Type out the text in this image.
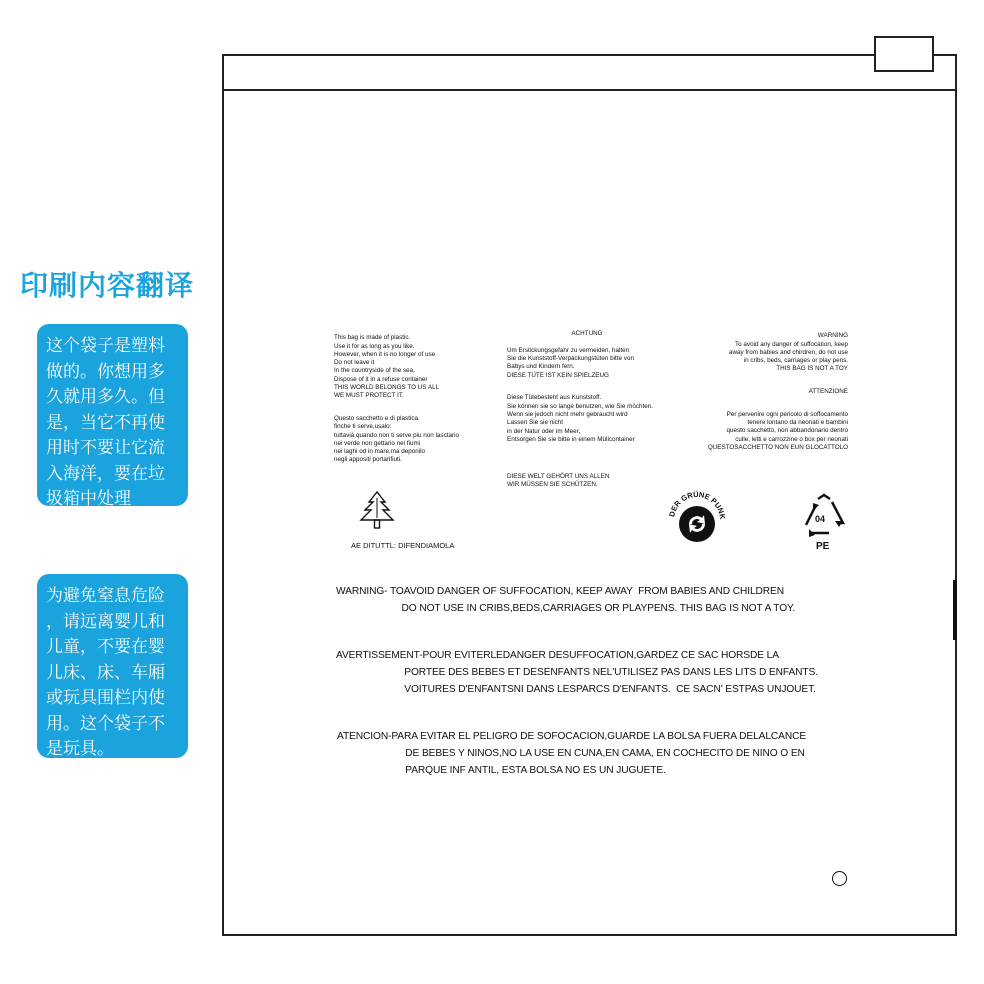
印刷内容翻译
这个袋子是塑料
做的。你想用多
久就用多久。但
是，当它不再使
用时不要让它流
入海洋，要在垃
圾箱中处理
为避免窒息危险
，请远离婴儿和
儿童，不要在婴
儿床、床、车厢
或玩具围栏内使
用。这个袋子不
是玩具。

This bag is made of plastic.
Use it for as long as you like.
However, when it is no longer of use
Do not leave it
In the countryside of the sea,
Dispose of it in a refuse container
THIS WORLD BELONGS TO US ALL
WE MUST PROTECT IT.

Questo sacchetto e di plastica.
finche ti serve,usalo:
tuttavià quando non ti serve piu non lasctario
nei verde non gettario nei fiumi
nei laghi od in mare,ma deponilo
negli appositi portarifiuti.

ACHTUNG

Um Erstickungsgefahr zu vermeiden, halten
Sie die Kunststoff-Verpackungstüten bitte von
Babys und Kindern fern.
DIESE TÜTE IST KEIN SPIELZEUG

Diese Tütebesteht aus Kunststoff.
Sie können sie so lange benutzen, wie Sie möchten.
Wenn sie jedoch nicht mehr gebraucht wird
Lassen Sie sie nicht
in der Natur oder im Meer,
Entsorgen Sie sie bitte in einem Müllcontainer

DIESE WELT GEHÖRT UNS ALLEN
WIR MÜSSEN SIE SCHÜTZEN.

WARNING
To avoid any danger of suffocation, keep
away from babies and chirdren, do not use
in cribs, beds, carriages or play pens.
THIS BAG IS NOT A TOY

ATTENZIONE

Per pervenire ogni pericolo di soffocamento
tenere lontano da neonati e bambini
questo sacchetto, non abbandonario dentro
culle, letti e carrozzine o box per neonati
QUESTOSACCHETTO NON EUN GLOCATTOLO

AE DITUTTL: DIFENDIAMOLA
DER GRÜNE PUNK	04
PE
WARNING- TOAVOID DANGER OF SUFFOCATION, KEEP AWAY  FROM BABIES AND CHILDREN
DO NOT USE IN CRIBS,BEDS,CARRIAGES OR PLAYPENS. THIS BAG IS NOT A TOY.
AVERTISSEMENT-POUR EVITERLEDANGER DESUFFOCATION,GARDEZ CE SAC HORSDE LA
PORTEE DES BEBES ET DESENFANTS NEL'UTILISEZ PAS DANS LES LITS D ENFANTS.
VOITURES D'ENFANTSNI DANS LESPARCS D'ENFANTS.  CE SACN' ESTPAS UNJOUET.
ATENCION-PARA EVITAR EL PELIGRO DE SOFOCACION,GUARDE LA BOLSA FUERA DELALCANCE
DE BEBES Y NINOS,NO LA USE EN CUNA,EN CAMA, EN COCHECITO DE NINO O EN
PARQUE INF ANTIL, ESTA BOLSA NO ES UN JUGUETE.
